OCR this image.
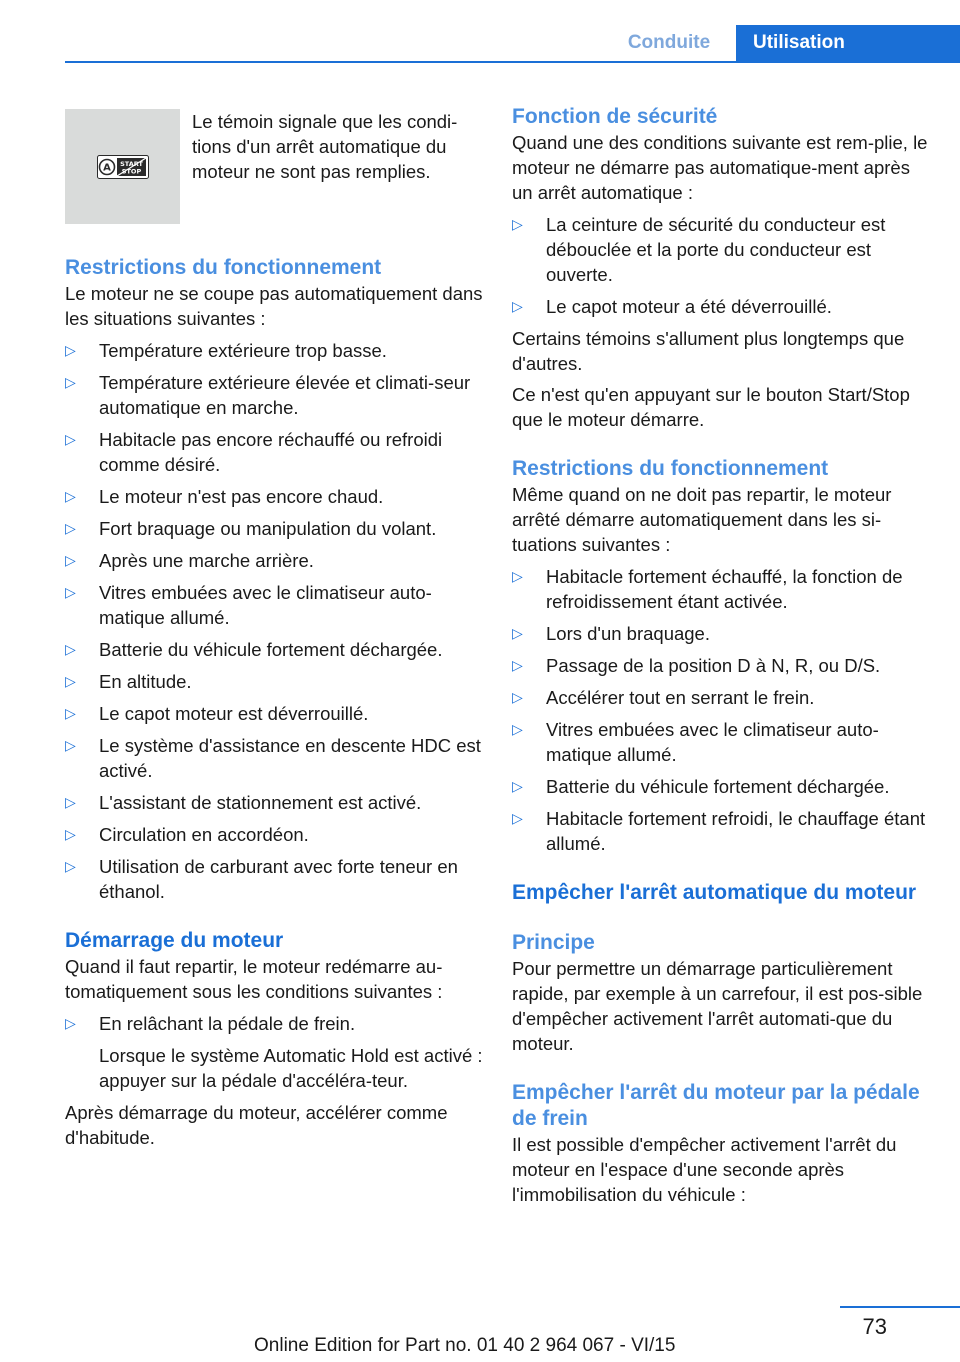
Conduite	Utilisation
A START
STOP

Le témoin signale que les condi-tions d'un arrêt automatique du moteur ne sont pas remplies.

Restrictions du fonctionnement

Le moteur ne se coupe pas automatiquement dans les situations suivantes :

▷ Température extérieure trop basse.
▷ Température extérieure élevée et climati-seur automatique en marche.
▷ Habitacle pas encore réchauffé ou refroidi comme désiré.
▷ Le moteur n'est pas encore chaud.
▷ Fort braquage ou manipulation du volant.
▷ Après une marche arrière.
▷ Vitres embuées avec le climatiseur auto-matique allumé.
▷ Batterie du véhicule fortement déchargée.
▷ En altitude.
▷ Le capot moteur est déverrouillé.
▷ Le système d'assistance en descente HDC est activé.
▷ L'assistant de stationnement est activé.
▷ Circulation en accordéon.
▷ Utilisation de carburant avec forte teneur en éthanol.
Démarrage du moteur

Quand il faut repartir, le moteur redémarre au-tomatiquement sous les conditions suivantes :

▷ En relâchant la pédale de frein.
Lorsque le système Automatic Hold est activé : appuyer sur la pédale d'accéléra-teur.

Après démarrage du moteur, accélérer comme d'habitude.

Fonction de sécurité

Quand une des conditions suivante est rem-plie, le moteur ne démarre pas automatique-ment après un arrêt automatique :

▷ La ceinture de sécurité du conducteur est débouclée et la porte du conducteur est ouverte.
▷ Le capot moteur a été déverrouillé.

Certains témoins s'allument plus longtemps que d'autres.

Ce n'est qu'en appuyant sur le bouton Start/Stop que le moteur démarre.

Restrictions du fonctionnement

Même quand on ne doit pas repartir, le moteur arrêté démarre automatiquement dans les si-tuations suivantes :

▷ Habitacle fortement échauffé, la fonction de refroidissement étant activée.
▷ Lors d'un braquage.
▷ Passage de la position D à N, R, ou D/S.
▷ Accélérer tout en serrant le frein.
▷ Vitres embuées avec le climatiseur auto-matique allumé.
▷ Batterie du véhicule fortement déchargée.
▷ Habitacle fortement refroidi, le chauffage étant allumé.
Empêcher l'arrêt automatique du moteur
Principe

Pour permettre un démarrage particulièrement rapide, par exemple à un carrefour, il est pos-sible d'empêcher activement l'arrêt automati-que du moteur.

Empêcher l'arrêt du moteur par la pédale de frein

Il est possible d'empêcher activement l'arrêt du moteur en l'espace d'une seconde après l'immobilisation du véhicule :

73
Online Edition for Part no. 01 40 2 964 067 - VI/15
